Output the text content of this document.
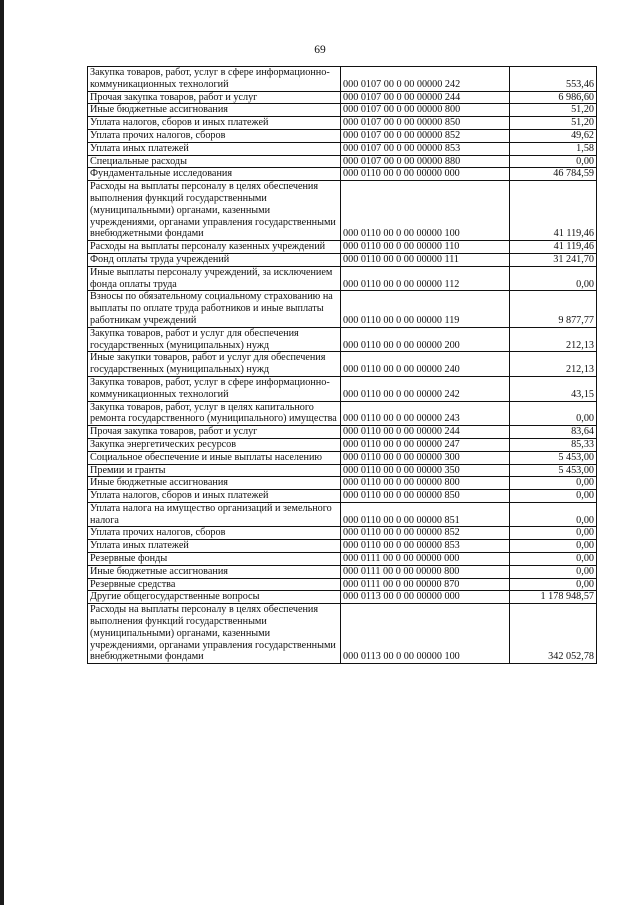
69
Закупка товаров, работ, услуг в сфере информационно-коммуникационных технологий	000 0107 00 0 00 00000 242	553,46
Прочая закупка товаров, работ и услуг	000 0107 00 0 00 00000 244	6 986,60
Иные бюджетные ассигнования	000 0107 00 0 00 00000 800	51,20
Уплата налогов, сборов и иных платежей	000 0107 00 0 00 00000 850	51,20
Уплата прочих налогов, сборов	000 0107 00 0 00 00000 852	49,62
Уплата иных платежей	000 0107 00 0 00 00000 853	1,58
Специальные расходы	000 0107 00 0 00 00000 880	0,00
Фундаментальные исследования	000 0110 00 0 00 00000 000	46 784,59
Расходы на выплаты персоналу в целях обеспечения выполнения функций государственными (муниципальными) органами, казенными учреждениями, органами управления государственными внебюджетными фондами	000 0110 00 0 00 00000 100	41 119,46
Расходы на выплаты персоналу казенных учреждений	000 0110 00 0 00 00000 110	41 119,46
Фонд оплаты труда учреждений	000 0110 00 0 00 00000 111	31 241,70
Иные выплаты персоналу учреждений, за исключением фонда оплаты труда	000 0110 00 0 00 00000 112	0,00
Взносы по обязательному социальному страхованию на выплаты по оплате труда работников и иные выплаты работникам учреждений	000 0110 00 0 00 00000 119	9 877,77
Закупка товаров, работ и услуг для обеспечения государственных (муниципальных) нужд	000 0110 00 0 00 00000 200	212,13
Иные закупки товаров, работ и услуг для обеспечения государственных (муниципальных) нужд	000 0110 00 0 00 00000 240	212,13
Закупка товаров, работ, услуг в сфере информационно-коммуникационных технологий	000 0110 00 0 00 00000 242	43,15
Закупка товаров, работ, услуг в целях капитального ремонта государственного (муниципального) имущества	000 0110 00 0 00 00000 243	0,00
Прочая закупка товаров, работ и услуг	000 0110 00 0 00 00000 244	83,64
Закупка энергетических ресурсов	000 0110 00 0 00 00000 247	85,33
Социальное обеспечение и иные выплаты населению	000 0110 00 0 00 00000 300	5 453,00
Премии и гранты	000 0110 00 0 00 00000 350	5 453,00
Иные бюджетные ассигнования	000 0110 00 0 00 00000 800	0,00
Уплата налогов, сборов и иных платежей	000 0110 00 0 00 00000 850	0,00
Уплата налога на имущество организаций и земельного налога	000 0110 00 0 00 00000 851	0,00
Уплата прочих налогов, сборов	000 0110 00 0 00 00000 852	0,00
Уплата иных платежей	000 0110 00 0 00 00000 853	0,00
Резервные фонды	000 0111 00 0 00 00000 000	0,00
Иные бюджетные ассигнования	000 0111 00 0 00 00000 800	0,00
Резервные средства	000 0111 00 0 00 00000 870	0,00
Другие общегосударственные вопросы	000 0113 00 0 00 00000 000	1 178 948,57
Расходы на выплаты персоналу в целях обеспечения выполнения функций государственными (муниципальными) органами, казенными учреждениями, органами управления государственными внебюджетными фондами	000 0113 00 0 00 00000 100	342 052,78
